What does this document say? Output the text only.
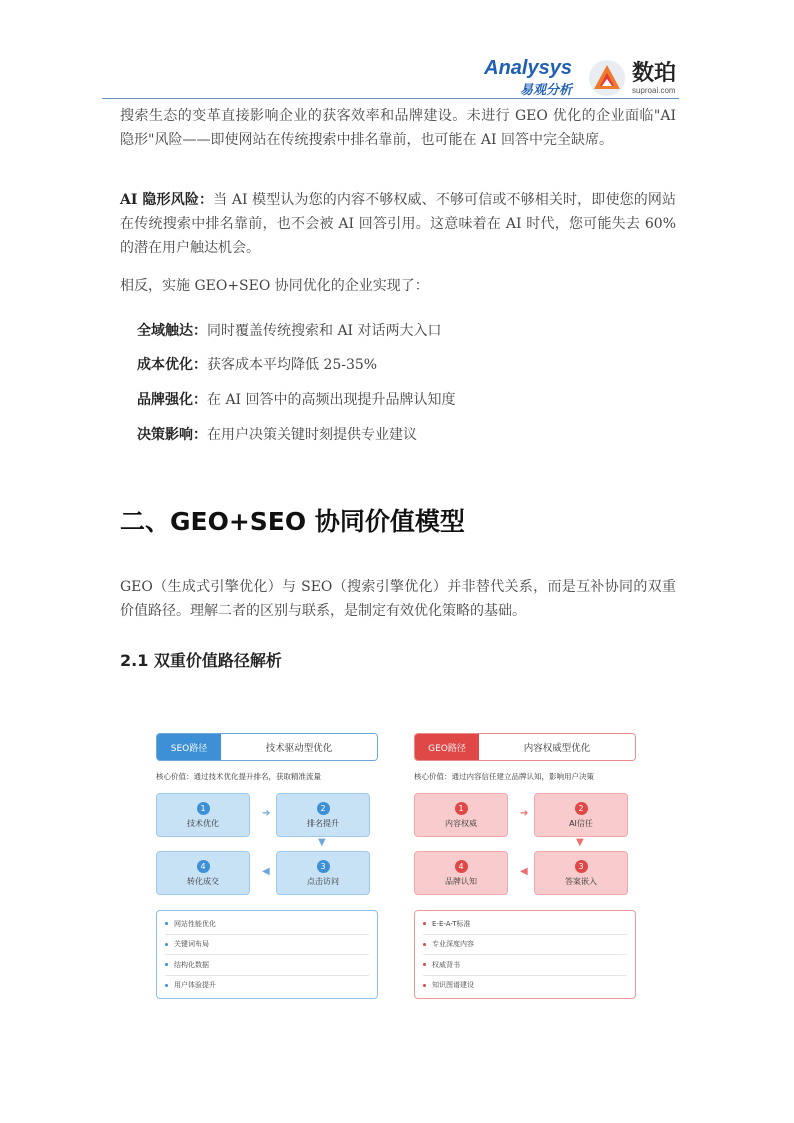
Analysys
易观分析
数珀
suproai.com

搜索生态的变革直接影响企业的获客效率和品牌建设。未进行 GEO 优化的企业面临"AI 隐形"风险——即使网站在传统搜索中排名靠前，也可能在 AI 回答中完全缺席。

AI 隐形风险：当 AI 模型认为您的内容不够权威、不够可信或不够相关时，即使您的网站在传统搜索中排名靠前，也不会被 AI 回答引用。这意味着在 AI 时代，您可能失去 60%的潜在用户触达机会。

相反，实施 GEO+SEO 协同优化的企业实现了：

全域触达：同时覆盖传统搜索和 AI 对话两大入口
成本优化：获客成本平均降低 25-35%
品牌强化：在 AI 回答中的高频出现提升品牌认知度
决策影响：在用户决策关键时刻提供专业建议
二、GEO+SEO 协同价值模型

GEO（生成式引擎优化）与 SEO（搜索引擎优化）并非替代关系，而是互补协同的双重价值路径。理解二者的区别与联系，是制定有效优化策略的基础。

2.1 双重价值路径解析
SEO路径	技术驱动型优化
核心价值：通过技术优化提升排名，获取精准流量
1
技术优化
2
排名提升
3
点击访问
4
转化成交
➔
▼
◀
网站性能优化
关键词布局
结构化数据
用户体验提升
GEO路径	内容权威型优化
核心价值：通过内容信任建立品牌认知，影响用户决策
1
内容权威
2
AI信任
3
答案嵌入
4
品牌认知
➔
▼
◀
E-E-A-T标准
专业深度内容
权威背书
知识图谱建设
